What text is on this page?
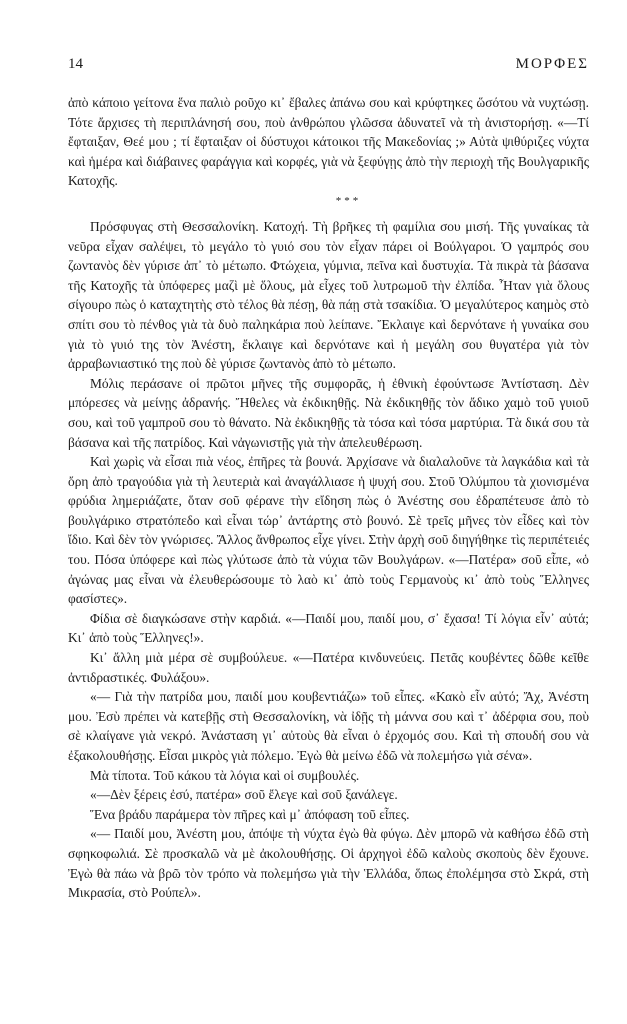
14	ΜΟΡΦΕΣ

ἀπὸ κάποιο γείτονα ἕνα παλιὸ ροῦχο κι᾽ ἔβαλες ἀπάνω σου καὶ κρύφτηκες ὥσότου νὰ νυχτώσῃ. Τότε ἄρχισες τὴ περιπλάνησή σου, ποὺ ἀνθρώπου γλῶσσα ἀδυνατεῖ νὰ τὴ ἀνιστορήσῃ. «—Τί ἔφταιξαν, Θεέ μου ; τί ἔφταιξαν οἱ δύστυχοι κάτοικοι τῆς Μακεδονίας ;» Αὐτὰ ψιθύριζες νύχτα καὶ ἡμέρα καὶ διάβαινες φαράγγια καὶ κορφές, γιὰ νὰ ξεφύγῃς ἀπὸ τὴν περιοχὴ τῆς Βουλγαρικῆς Κατοχῆς.

***

Πρόσφυγας στὴ Θεσσαλονίκη. Κατοχή. Τὴ βρῆκες τὴ φαμίλια σου μισή. Τῆς γυναίκας τὰ νεῦρα εἶχαν σαλέψει, τὸ μεγάλο τὸ γυιό σου τὸν εἶχαν πάρει οἱ Βούλγαροι. Ὁ γαμπρός σου ζωντανὸς δὲν γύρισε ἀπ᾽ τὸ μέτωπο. Φτώχεια, γύμνια, πεῖνα καὶ δυστυχία. Τὰ πικρὰ τὰ βάσανα τῆς Κατοχῆς τὰ ὑπόφερες μαζὶ μὲ ὅλους, μὰ εἶχες τοῦ λυτρωμοῦ τὴν ἐλπίδα. Ἦταν γιὰ ὅλους σίγουρο πὼς ὁ καταχτητὴς στὸ τέλος θὰ πέσῃ, θὰ πάῃ στὰ τσακίδια. Ὁ μεγαλύτερος καημὸς στὸ σπίτι σου τὸ πένθος γιὰ τὰ δυὸ παληκάρια ποὺ λείπανε. Ἔκλαιγε καὶ δερνότανε ἡ γυναίκα σου γιὰ τὸ γυιό της τὸν Ἀνέστη, ἔκλαιγε καὶ δερνότανε καὶ ἡ μεγάλη σου θυγατέρα γιὰ τὸν ἀρραβωνιαστικό της ποὺ δὲ γύρισε ζωντανὸς ἀπὸ τὸ μέτωπο.

Μόλις περάσανε οἱ πρῶτοι μῆνες τῆς συμφορᾶς, ἡ ἐθνικὴ ἐφούντωσε Ἀντίσταση. Δὲν μπόρεσες νὰ μείνῃς ἀδρανής. Ἤθελες νὰ ἐκδικηθῇς. Νὰ ἐκδικηθῇς τὸν ἄδικο χαμὸ τοῦ γυιοῦ σου, καὶ τοῦ γαμπροῦ σου τὸ θάνατο. Νὰ ἐκδικηθῇς τὰ τόσα καὶ τόσα μαρτύρια. Τὰ δικά σου τὰ βάσανα καὶ τῆς πατρίδος. Καὶ νἀγωνιστῇς γιὰ τὴν ἀπελευθέρωση.

Καὶ χωρὶς νὰ εἶσαι πιὰ νέος, ἐπῆρες τὰ βουνά. Ἀρχίσανε νὰ διαλαλοῦνε τὰ λαγκάδια καὶ τὰ ὄρη ἀπὸ τραγούδια γιὰ τὴ λευτεριὰ καὶ ἀναγάλλιασε ἡ ψυχή σου. Στοῦ Ὀλύμπου τὰ χιονισμένα φρύδια λημεριάζατε, ὅταν σοῦ φέρανε τὴν εἴδηση πὼς ὁ Ἀνέστης σου ἐδραπέτευσε ἀπὸ τὸ βουλγάρικο στρατόπεδο καὶ εἶναι τώρ᾽ ἀντάρτης στὸ βουνό. Σὲ τρεῖς μῆνες τὸν εἶδες καὶ τὸν ἴδιο. Καὶ δὲν τὸν γνώρισες. Ἄλλος ἄνθρωπος εἶχε γίνει. Στὴν ἀρχὴ σοῦ διηγήθηκε τὶς περιπέτειές του. Πόσα ὑπόφερε καὶ πὼς γλύτωσε ἀπὸ τὰ νύχια τῶν Βουλγάρων. «—Πατέρα» σοῦ εἶπε, «ὁ ἀγώνας μας εἶναι νὰ ἐλευθερώσουμε τὸ λαὸ κι᾽ ἀπὸ τοὺς Γερμανοὺς κι᾽ ἀπὸ τοὺς Ἕλληνες φασίστες».

Φίδια σὲ διαγκώσανε στὴν καρδιά. «—Παιδί μου, παιδί μου, σ᾽ ἔχασα! Τί λόγια εἶν᾽ αὐτά; Κι᾽ ἀπὸ τοὺς Ἕλληνες!».

Κι᾽ ἄλλη μιὰ μέρα σὲ συμβούλευε. «—Πατέρα κινδυνεύεις. Πετᾶς κουβέντες δῶθε κεῖθε ἀντιδραστικές. Φυλάξου».

«— Γιὰ τὴν πατρίδα μου, παιδί μου κουβεντιάζω» τοῦ εἶπες. «Κακὸ εἶν αὐτό; Ἄχ, Ἀνέστη μου. Ἐσὺ πρέπει νὰ κατεβῇς στὴ Θεσσαλονίκη, νὰ ἰδῇς τὴ μάννα σου καὶ τ᾽ ἀδέρφια σου, ποὺ σὲ κλαίγανε γιὰ νεκρό. Ἀνάσταση γι᾽ αὐτοὺς θὰ εἶναι ὁ ἐρχομός σου. Καὶ τὴ σπουδή σου νὰ ἐξακολουθήσῃς. Εἶσαι μικρὸς γιὰ πόλεμο. Ἐγὼ θὰ μείνω ἐδῶ νὰ πολεμήσω γιὰ σένα».

Μὰ τίποτα. Τοῦ κάκου τὰ λόγια καὶ οἱ συμβουλές.

«—Δὲν ξέρεις ἐσύ, πατέρα» σοῦ ἔλεγε καὶ σοῦ ξανάλεγε.

Ἕνα βράδυ παράμερα τὸν πῆρες καὶ μ᾽ ἀπόφαση τοῦ εἶπες.

«— Παιδί μου, Ἀνέστη μου, ἀπόψε τὴ νύχτα ἐγὼ θὰ φύγω. Δὲν μπορῶ νὰ καθήσω ἐδῶ στὴ σφηκοφωλιά. Σὲ προσκαλῶ νὰ μὲ ἀκολουθήσῃς. Οἱ ἀρχηγοὶ ἐδῶ καλοὺς σκοποὺς δὲν ἔχουνε. Ἐγὼ θὰ πάω νὰ βρῶ τὸν τρόπο νὰ πολεμήσω γιὰ τὴν Ἑλλάδα, ὅπως ἐπολέμησα στὸ Σκρά, στὴ Μικρασία, στὸ Ρούπελ».
